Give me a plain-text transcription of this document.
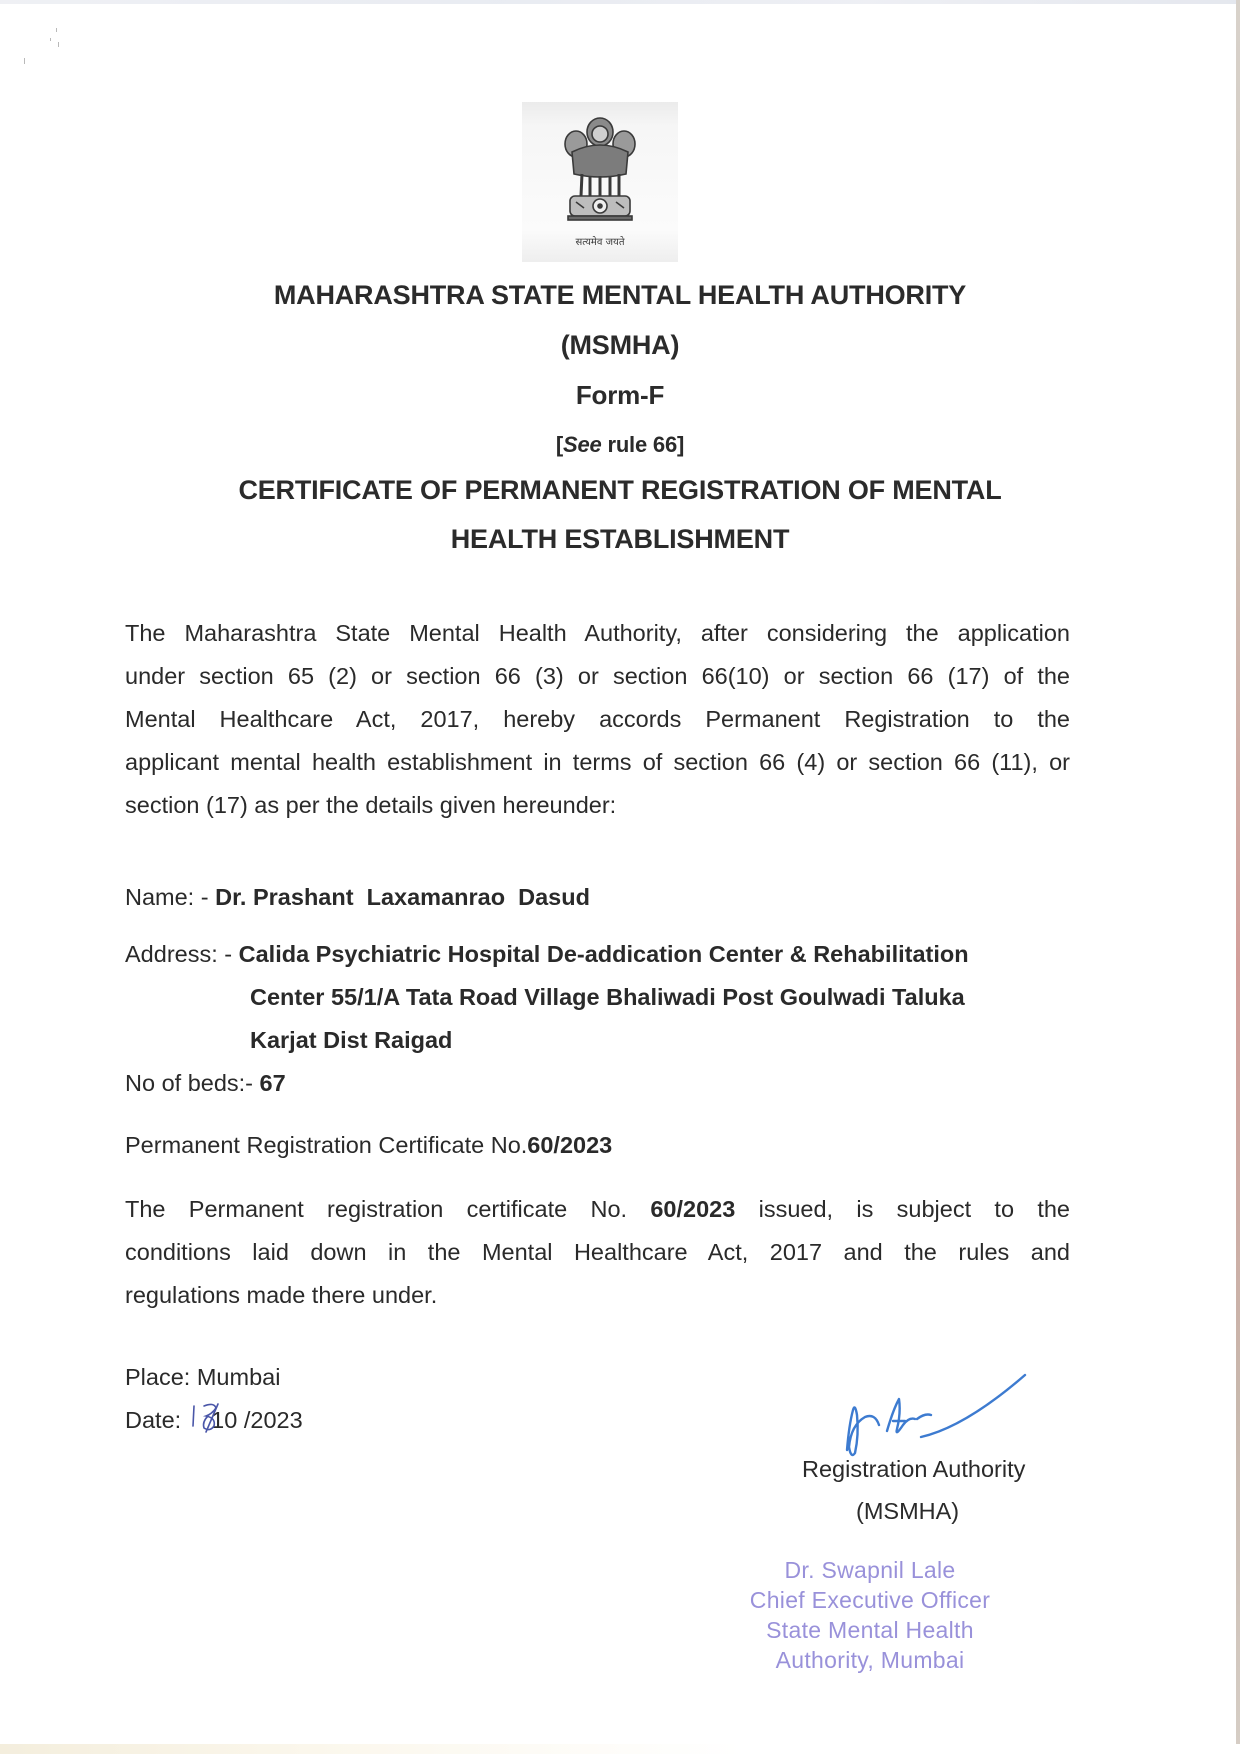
सत्यमेव जयते
MAHARASHTRA STATE MENTAL HEALTH AUTHORITY
(MSMHA)
Form-F
[See rule 66]
CERTIFICATE OF PERMANENT REGISTRATION OF MENTAL
HEALTH ESTABLISHMENT
The Maharashtra State Mental Health Authority, after considering the application
under section 65 (2) or section 66 (3) or section 66(10) or section 66 (17) of the
Mental Healthcare Act, 2017, hereby accords Permanent Registration to the
applicant mental health establishment in terms of section 66 (4) or section 66 (11), or
section (17) as per the details given hereunder:
Name: - Dr. Prashant  Laxamanrao  Dasud
Address: - Calida Psychiatric Hospital De-addication Center & Rehabilitation
Center 55/1/A Tata Road Village Bhaliwadi Post Goulwadi Taluka
Karjat Dist Raigad
No of beds:- 67
Permanent Registration Certificate No.60/2023
The Permanent registration certificate No. 60/2023 issued, is subject to the
conditions laid down in the Mental Healthcare Act, 2017 and the rules and
regulations made there under.
Place: Mumbai
Date: 10 /2023
Registration Authority
(MSMHA)
Dr. Swapnil Lale
Chief Executive Officer
State Mental Health
Authority, Mumbai
